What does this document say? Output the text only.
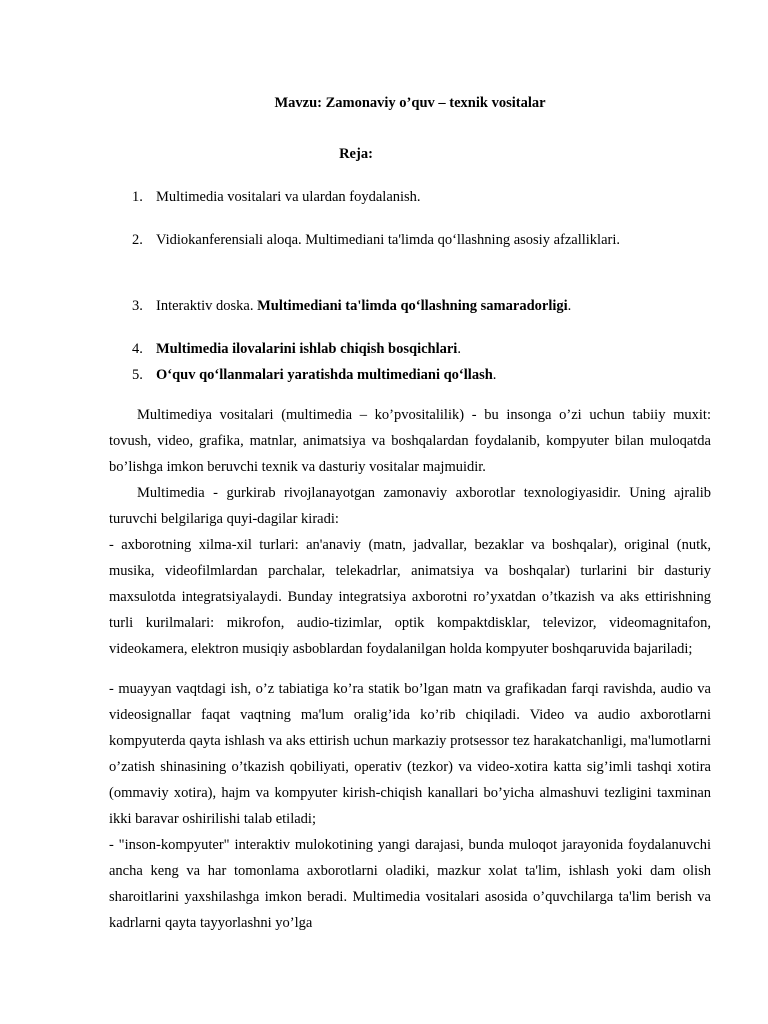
Mavzu: Zamonaviy o’quv – texnik vositalar
Reja:
1. Multimedia vositalari va ulardan foydalanish.
2. Vidiokanferensiali aloqa. Multimediani ta'limda qo‘llashning asosiy afzalliklari.
3. Interaktiv doska. Multimediani ta'limda qo‘llashning samaradorligi.
4. Multimedia ilovalarini ishlab chiqish bosqichlari.
5. O‘quv qo‘llanmalari yaratishda multimediani qo‘llash.

Multimediya vositalari (multimedia – ko’pvositalilik) - bu insonga o’zi uchun tabiiy muxit: tovush, video, grafika, matnlar, animatsiya va boshqalardan foydalanib, kompyuter bilan muloqatda bo’lishga imkon beruvchi texnik va dasturiy vositalar majmuidir.

Multimedia - gurkirab rivojlanayotgan zamonaviy axborotlar texnologiyasidir. Uning ajralib turuvchi belgilariga quyi-dagilar kiradi:

- axborotning xilma-xil turlari: an'anaviy (matn, jadvallar, bezaklar va boshqalar), original (nutk, musika, videofilmlardan parchalar, telekadrlar, animatsiya va boshqalar) turlarini bir dasturiy maxsulotda integratsiyalaydi. Bunday integratsiya axborotni ro’yxatdan o’tkazish va aks ettirishning turli kurilmalari: mikrofon, audio-tizimlar, optik kompaktdisklar, televizor, videomagnitafon, videokamera, elektron musiqiy asboblardan foydalanilgan holda kompyuter boshqaruvida bajariladi;

- muayyan vaqtdagi ish, o’z tabiatiga ko’ra statik bo’lgan matn va grafikadan farqi ravishda, audio va videosignallar faqat vaqtning ma'lum oralig’ida ko’rib chiqiladi. Video va audio axborotlarni kompyuterda qayta ishlash va aks ettirish uchun markaziy protsessor tez harakatchanligi, ma'lumotlarni o’zatish shinasining o’tkazish qobiliyati, operativ (tezkor) va video-xotira katta sig’imli tashqi xotira (ommaviy xotira), hajm va kompyuter kirish-chiqish kanallari bo’yicha almashuvi tezligini taxminan ikki baravar oshirilishi talab etiladi;

- "inson-kompyuter" interaktiv mulokotining yangi darajasi, bunda muloqot jarayonida foydalanuvchi ancha keng va har tomonlama axborotlarni oladiki, mazkur xolat ta'lim, ishlash yoki dam olish sharoitlarini yaxshilashga imkon beradi. Multimedia vositalari asosida o’quvchilarga ta'lim berish va kadrlarni qayta tayyorlashni yo’lga
